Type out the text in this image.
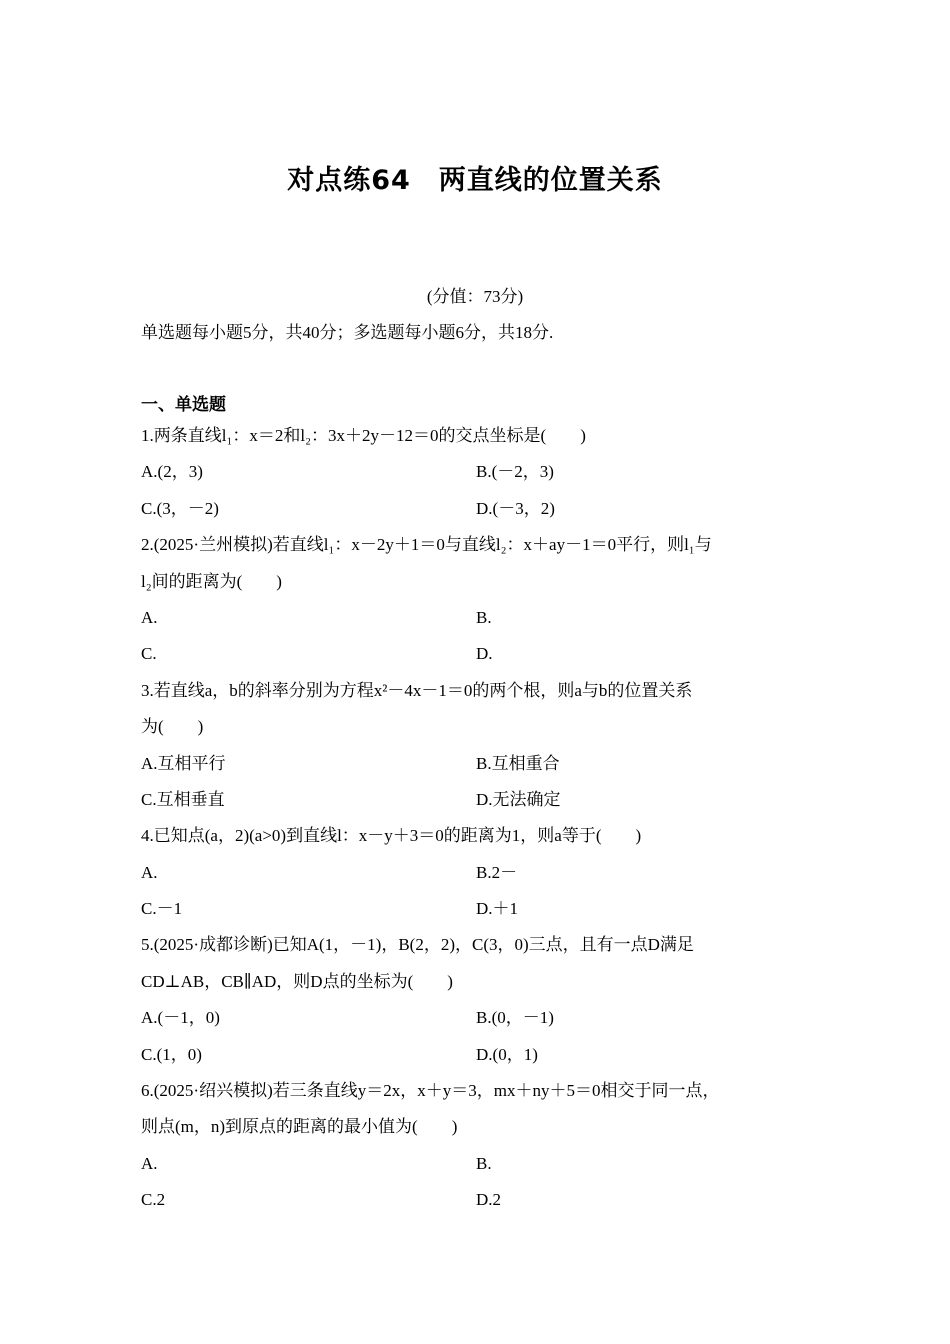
对点练64　两直线的位置关系
(分值：73分)
单选题每小题5分，共40分；多选题每小题6分，共18分.
一、单选题
1.两条直线l₁：x＝2和l₂：3x＋2y－12＝0的交点坐标是(　　)
A.(2，3)	B.(－2，3)
C.(3，－2)	D.(－3，2)
2.(2025·兰州模拟)若直线l₁：x－2y＋1＝0与直线l₂：x＋ay－1＝0平行，则l₁与
l₂间的距离为(　　)
A.	B.
C.	D.
3.若直线a，b的斜率分别为方程x²－4x－1＝0的两个根，则a与b的位置关系
为(　　)
A.互相平行	B.互相重合
C.互相垂直	D.无法确定
4.已知点(a，2)(a>0)到直线l：x－y＋3＝0的距离为1，则a等于(　　)
A.	B.2－
C.－1	D.＋1
5.(2025·成都诊断)已知A(1，－1)，B(2，2)，C(3，0)三点，且有一点D满足
CD⊥AB，CB∥AD，则D点的坐标为(　　)
A.(－1，0)	B.(0，－1)
C.(1，0)	D.(0，1)
6.(2025·绍兴模拟)若三条直线y＝2x，x＋y＝3，mx＋ny＋5＝0相交于同一点，
则点(m，n)到原点的距离的最小值为(　　)
A.	B.
C.2	D.2
